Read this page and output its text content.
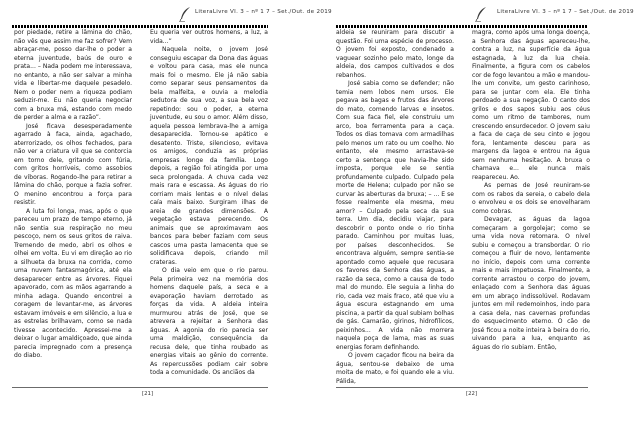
LiteraLivre VI. 3 – nº 1 7 – Set./Out. de 2019

por piedade, retire a lâmina do chão, não vês que assim me faz sofrer? Vem abraçar-me, posso dar-lhe o poder a eterna juventude, baús de ouro e prata... – Nada podem me interessava, no entanto, a não ser salvar a minha vida e libertar-me daquele pesadelo. Nem o poder nem a riqueza podiam seduzir-me. Eu não queria negociar com a bruxa má, estando com medo de perder a alma e a razão”.

José ficava desesperadamente agarrado à faca, ainda, agachado, aterrorizado, os olhos fechados, para não ver a criatura vil que se contorcia em torno dele, gritando com fúria, com gritos horríveis, como assobios de víboras. Rogando-lhe para retirar a lâmina do chão, porque a fazia sofrer. O menino encontrou a força para resistir.

A luta foi longa, mas, após o que pareceu um prazo de tempo eterno, já não sentia sua respiração no meu pescoço, nem os seus gritos de raiva. Tremendo de medo, abri os olhos e olhei em volta. Eu vi em direção ao rio a silhueta da bruxa na corrida, como uma nuvem fantasmagórica, até ela desaparecer entre as árvores. Fiquei apavorado, com as mãos agarrando a minha adaga. Quando encontrei a coragem de levantar-me, as árvores estavam imóveis e em silêncio, a lua e as estrelas brilhavam, como se nada tivesse acontecido. Apressei-me a deixar o lugar amaldiçoado, que ainda parecia impregnado com a presença do diabo.

Eu queria ver outros homens, a luz, a vida...”

Naquela noite, o jovem José conseguiu escapar da Dona das águas e voltou para casa, mas ele nunca mais foi o mesmo. Ele já não sabia como separar seus pensamentos da bela malfeita, e ouvia a melodia sedutora de sua voz, a sua bela voz repetindo: sou o poder, a eterna juventude, eu sou o amor. Além disso, aquela pessoa lembrava-lhe a amiga desaparecida. Tornou-se apático e desatento. Triste, silencioso, evitava os amigos, conduzia as próprias empresas longe da família. Logo depois, a região foi atingida por uma seca prolongada. A chuva cada vez mais rara e escassa. As águas do rio corriam mais lentas e o nível delas caía mais baixo. Surgiram ilhas de areia de grandes dimensões. A vegetação estava perecendo. Os animais que se aproximavam aos bancos para beber faziam com seus cascos uma pasta lamacenta que se solidificava depois, criando mil crateras.

O dia veio em que o rio parou. Pela primeira vez na memória dos homens daquele país, a seca e a evaporação haviam derrotado as forças da vida. A aldeia inteira murmurou atrás de José, que se atrevera a rejeitar a Senhora das águas. A agonia do rio parecia ser uma maldição, consequência da recusa dele, que tinha roubado as energias vitais ao gênio do corrente. As repercussões podiam cair sobre toda a comunidade. Os anciãos da

[21]
LiteraLivre VI. 3 – nº 1 7 – Set./Out. de 2019

aldeia se reuniram para discutir a questão. Foi uma espécie de processo. O jovem foi exposto, condenado a vaguear sozinho pelo mato, longe da aldeia, dos campos cultivados e dos rebanhos.

José sabia como se defender; não temia nem lobos nem ursos. Ele pegava as bagas e frutos das árvores do mato, comendo larvas e insetos. Com sua faca fiel, ele construiu um arco, boa ferramenta para a caça. Todos os dias tomava com armadilhas pelo menos um rato ou um coelho. No entanto, ele mesmo arrastava-se certo a sentença que havia-lhe sido imposta, porque ele se sentia profundamente culpado. Culpado pela morte de Helena; culpado por não se curvar às aberturas da bruxa; – ... E se fosse realmente ela mesma, meu amor? – Culpado pela seca da sua terra. Um dia, decidiu viajar, para descobrir o ponto onde o rio tinha parado. Caminhou por muitas luas, por países desconhecidos. Se encontrava alguém, sempre sentia-se apontado como aquele que recusara os favores da Senhora das águas, a razão da seca, como a causa de todo mal do mundo. Ele seguia a linha do rio, cada vez mais fraco, até que viu a água escura estagnando em uma piscina, a partir da qual subiam bolhas de gás. Camarão, girinos, hidrofílicos, peixinhos... A vida não morrera naquela poça de lama, mas as suas energias foram definhando.

O jovem caçador ficou na beira da água, sentou-se debaixo de uma moita de mato, e foi quando ele a viu. Pálida,

magra, como após uma longa doença, a Senhora das águas apareceu-lhe, contra a luz, na superfície da água estagnada, à luz da lua cheia. Finalmente, a figura com os cabelos cor de fogo levantou a mão e mandou-lhe um convite, um gesto carinhoso, para se juntar com ela. Ele tinha perdoado a sua negação. O canto dos grilos e dos sapos subiu aos céus como um ritmo de tambores, num crescendo ensurdecedor. O jovem saiu a faca de caça de seu cinto e jogou fora, lentamente desceu para as margens da lagoa e entrou na água sem nenhuma hesitação. A bruxa o chamava e... ele nunca mais reapareceu. Ao.

As pernas de José reuniram-se com os rabos da sereia, o cabelo dela o envolveu e os dois se enovelharam como cobras.

Devagar, as águas da lagoa começaram a gorgolejar; como se uma vida nova retomara. O nível subiu e começou a transbordar. O rio começou a fluir de novo, lentamente no início, depois com uma corrente mais e mais impetuosa. Finalmente, a corrente arrastou o corpo do jovem, enlaçado com a Senhora das águas em um abraço indissolúvel. Rodavam juntos em mil redemoinhos, indo para a casa dela, nas cavernas profundas do esquecimento eterno. O cão de José ficou a noite inteira à beira do rio, uivando para a lua, enquanto as águas do rio subiam. Então,

[22]
